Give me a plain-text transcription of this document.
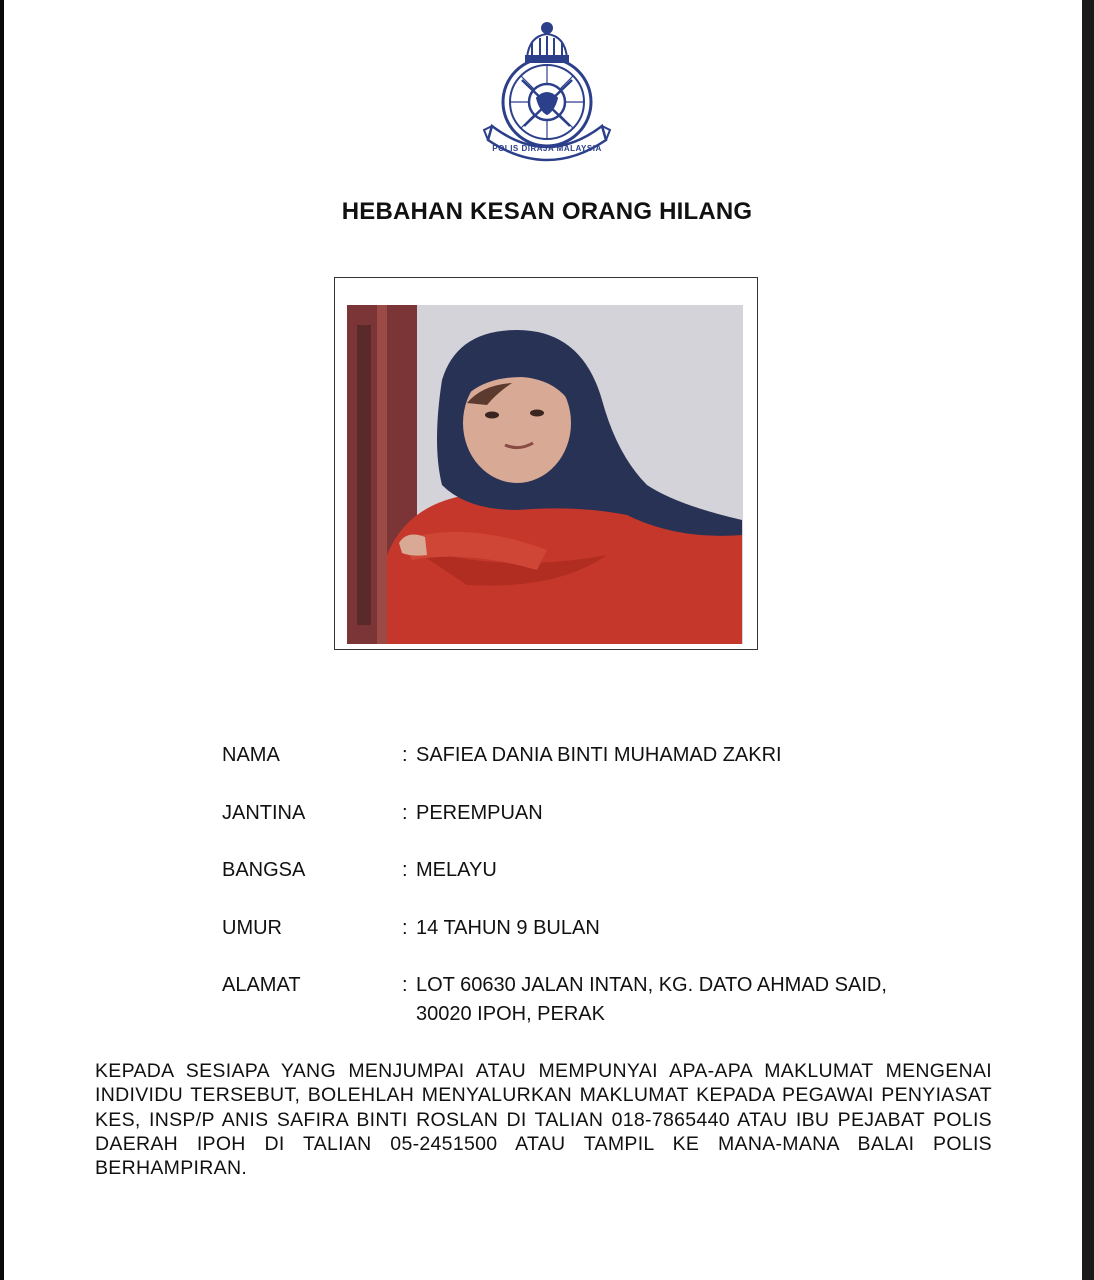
POLIS DIRAJA MALAYSIA
HEBAHAN KESAN ORANG HILANG
NAMA	: SAFIEA DANIA BINTI MUHAMAD ZAKRI
JANTINA	: PEREMPUAN
BANGSA	: MELAYU
UMUR	: 14 TAHUN 9 BULAN
ALAMAT	: LOT 60630 JALAN INTAN, KG. DATO AHMAD SAID,
30020 IPOH, PERAK
KEPADA SESIAPA YANG MENJUMPAI ATAU MEMPUNYAI APA-APA MAKLUMAT MENGENAI INDIVIDU TERSEBUT, BOLEHLAH MENYALURKAN MAKLUMAT KEPADA PEGAWAI PENYIASAT KES, INSP/P ANIS SAFIRA BINTI ROSLAN DI TALIAN 018-7865440 ATAU IBU PEJABAT POLIS DAERAH IPOH DI TALIAN 05-2451500 ATAU TAMPIL KE MANA-MANA BALAI POLIS BERHAMPIRAN.
